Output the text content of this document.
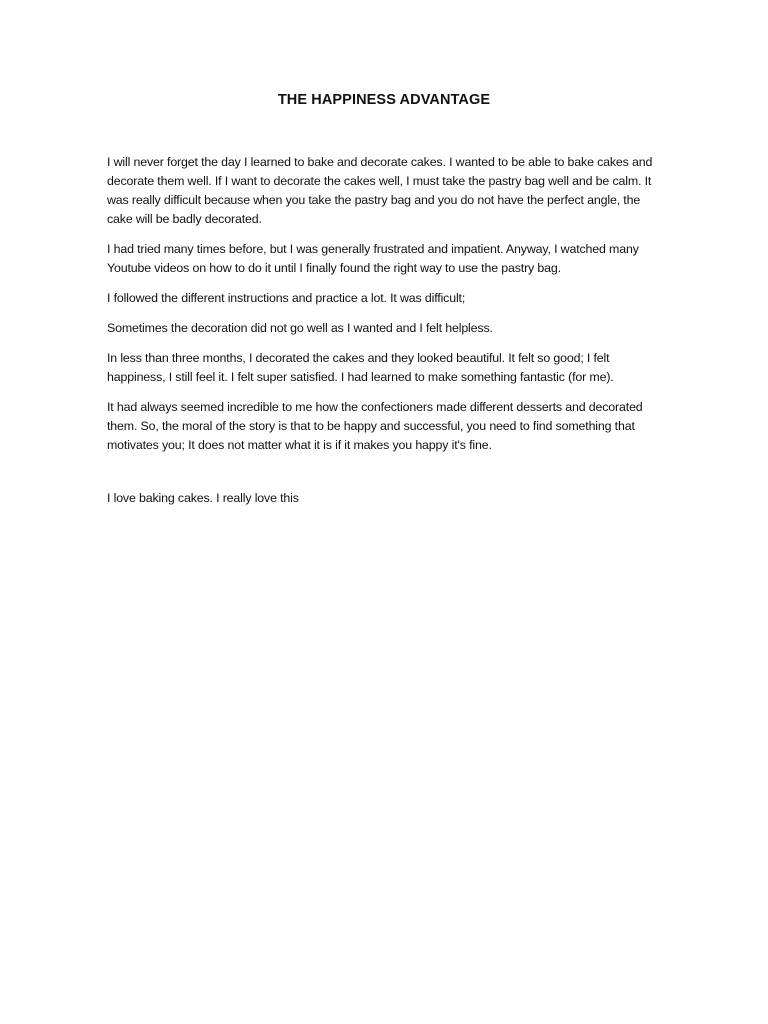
THE HAPPINESS ADVANTAGE

I will never forget the day I learned to bake and decorate cakes. I wanted to be able to bake cakes and decorate them well. If I want to decorate the cakes well, I must take the pastry bag well and be calm. It was really difficult because when you take the pastry bag and you do not have the perfect angle, the cake will be badly decorated.

I had tried many times before, but I was generally frustrated and impatient. Anyway, I watched many Youtube videos on how to do it until I finally found the right way to use the pastry bag.

I followed the different instructions and practice a lot. It was difficult;

Sometimes the decoration did not go well as I wanted and I felt helpless.

In less than three months, I decorated the cakes and they looked beautiful. It felt so good; I felt happiness, I still feel it. I felt super satisfied. I had learned to make something fantastic (for me).

It had always seemed incredible to me how the confectioners made different desserts and decorated them. So, the moral of the story is that to be happy and successful, you need to find something that motivates you; It does not matter what it is if it makes you happy it's fine.

I love baking cakes. I really love this
